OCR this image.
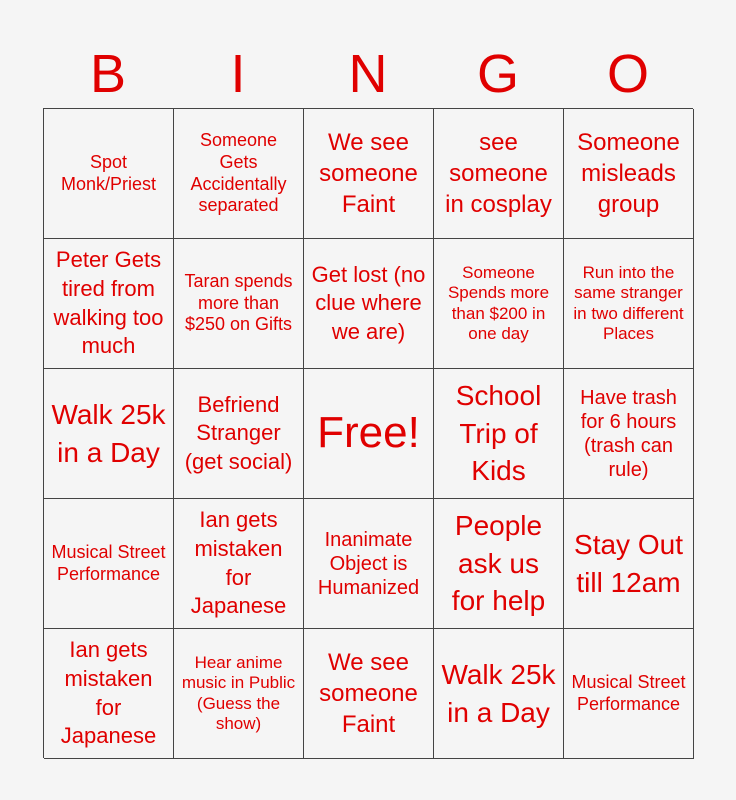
B	I	N	G	O
Spot Monk/Priest
Someone Gets Accidentally separated
We see someone Faint
see someone in cosplay
Someone misleads group
Peter Gets tired from walking too much
Taran spends more than $250 on Gifts
Get lost (no clue where we are)
Someone Spends more than $200 in one day
Run into the same stranger in two different Places
Walk 25k in a Day
Befriend Stranger (get social)
Free!
School Trip of Kids
Have trash for 6 hours (trash can rule)
Musical Street Performance
Ian gets mistaken for Japanese
Inanimate Object is Humanized
People ask us for help
Stay Out till 12am
Ian gets mistaken for Japanese
Hear anime music in Public (Guess the show)
We see someone Faint
Walk 25k in a Day
Musical Street Performance
